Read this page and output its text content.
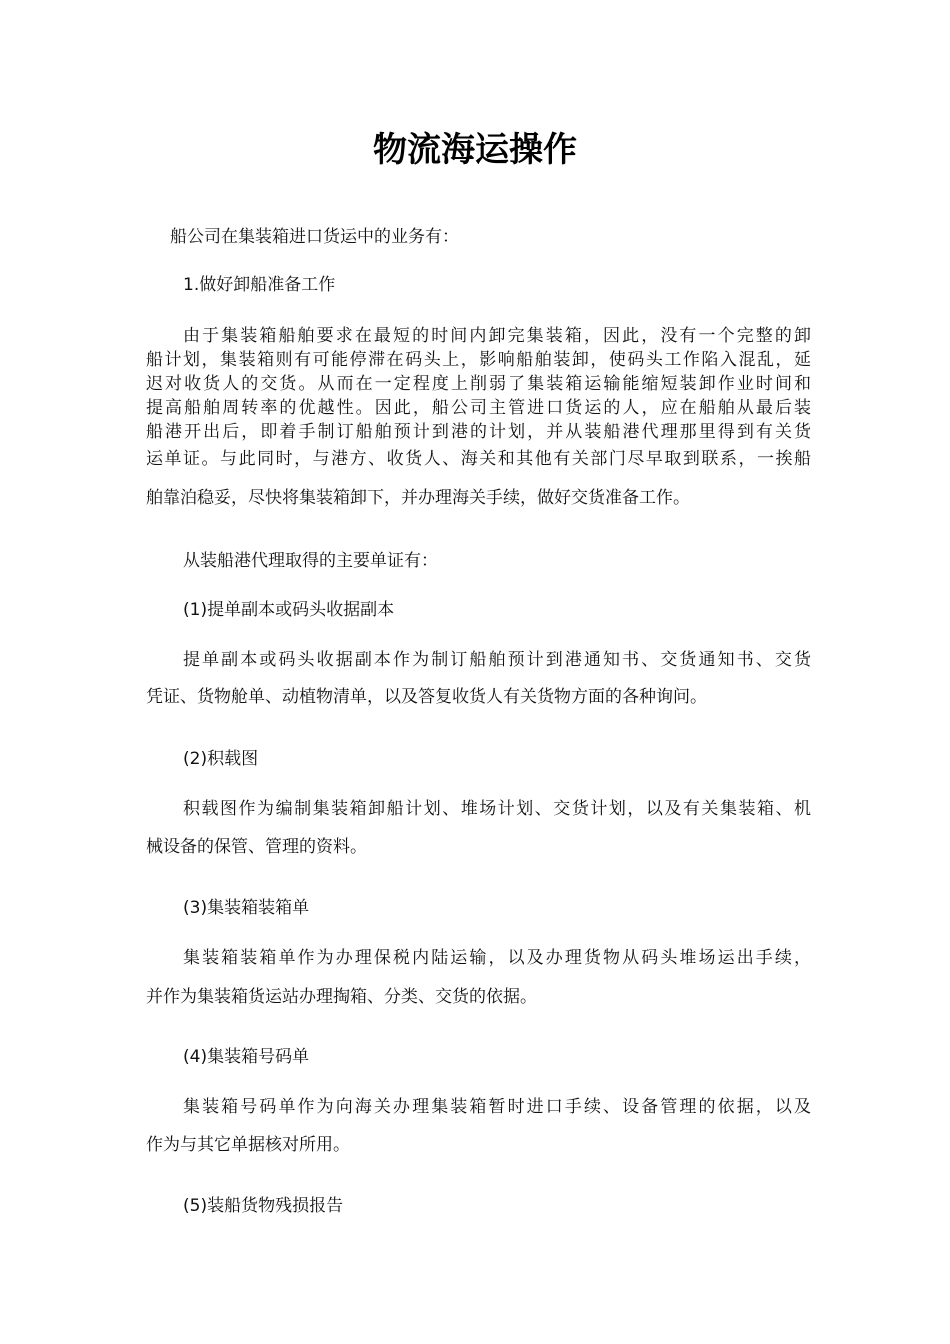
物流海运操作
船公司在集装箱进口货运中的业务有：
1.做好卸船准备工作
由于集装箱船舶要求在最短的时间内卸完集装箱，因此，没有一个完整的卸
船计划，集装箱则有可能停滞在码头上，影响船舶装卸，使码头工作陷入混乱，延
迟对收货人的交货。从而在一定程度上削弱了集装箱运输能缩短装卸作业时间和
提高船舶周转率的优越性。因此，船公司主管进口货运的人，应在船舶从最后装
船港开出后，即着手制订船舶预计到港的计划，并从装船港代理那里得到有关货
运单证。与此同时，与港方、收货人、海关和其他有关部门尽早取到联系，一挨船
舶靠泊稳妥，尽快将集装箱卸下，并办理海关手续，做好交货准备工作。
从装船港代理取得的主要单证有：
(1)提单副本或码头收据副本
提单副本或码头收据副本作为制订船舶预计到港通知书、交货通知书、交货
凭证、货物舱单、动植物清单，以及答复收货人有关货物方面的各种询问。
(2)积载图
积载图作为编制集装箱卸船计划、堆场计划、交货计划，以及有关集装箱、机
械设备的保管、管理的资料。
(3)集装箱装箱单
集装箱装箱单作为办理保税内陆运输，以及办理货物从码头堆场运出手续，
并作为集装箱货运站办理掏箱、分类、交货的依据。
(4)集装箱号码单
集装箱号码单作为向海关办理集装箱暂时进口手续、设备管理的依据，以及
作为与其它单据核对所用。
(5)装船货物残损报告
